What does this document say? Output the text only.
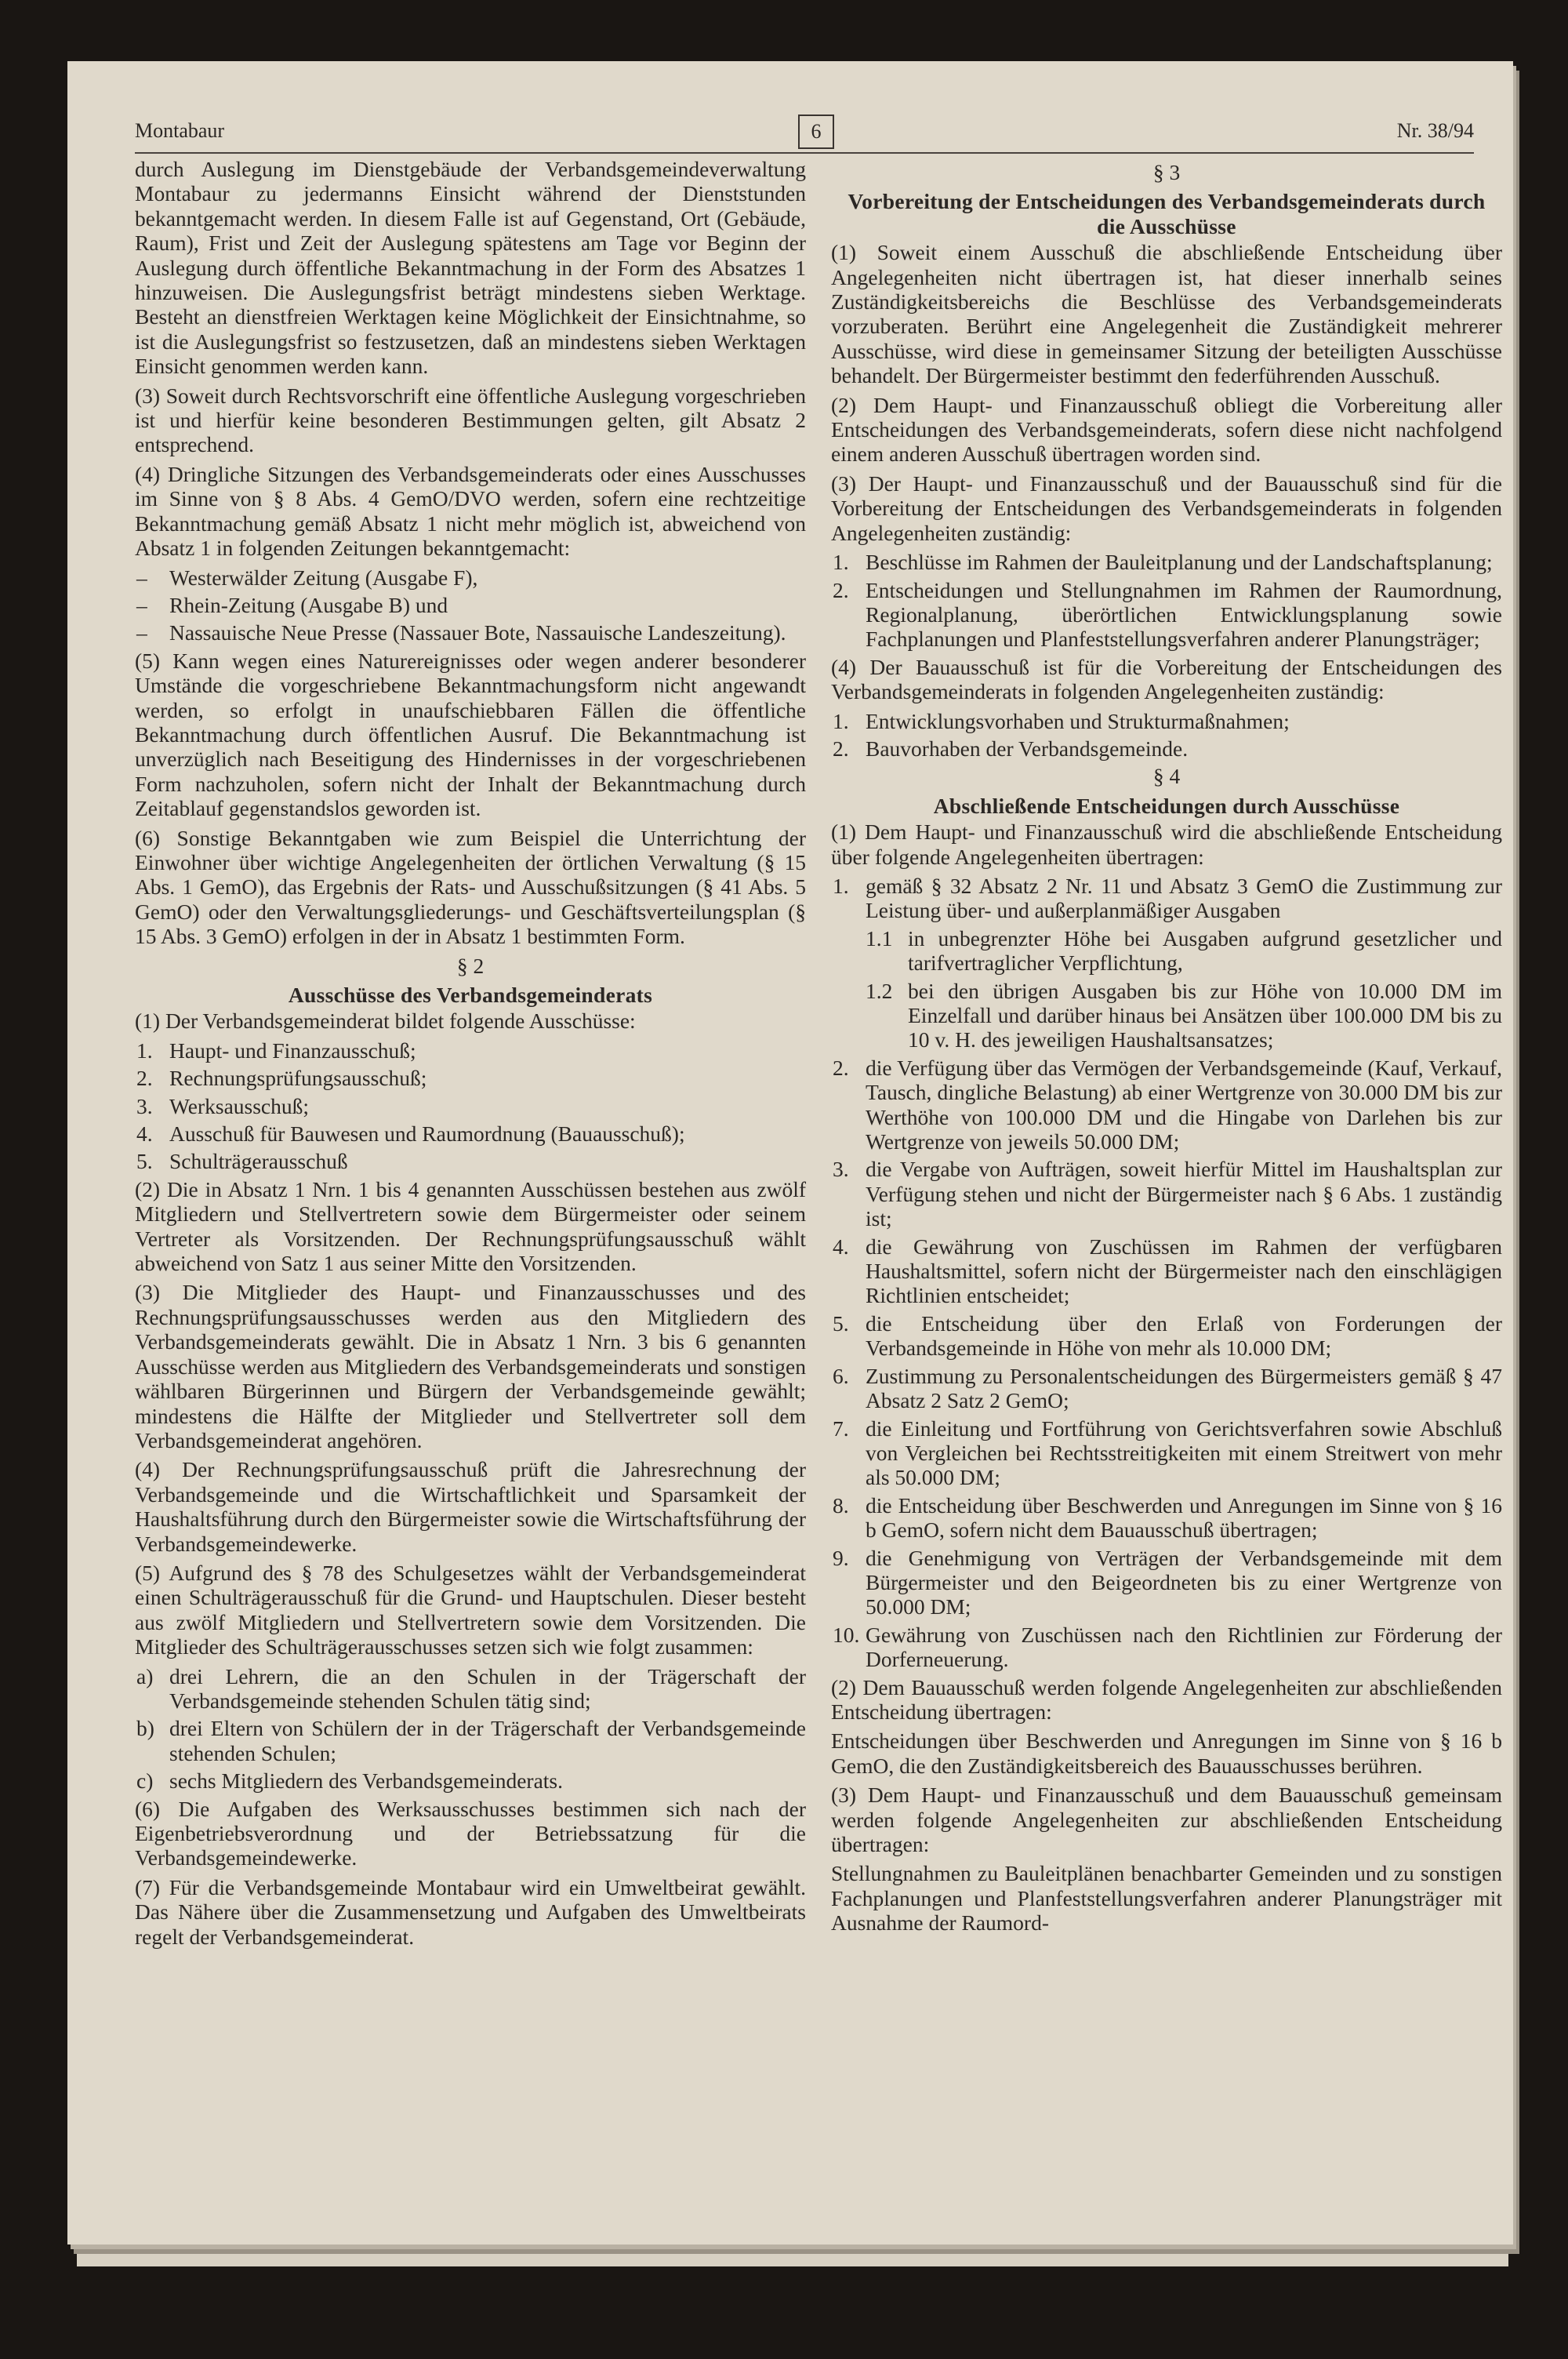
Montabaur	6	Nr. 38/94

durch Auslegung im Dienstgebäude der Verbandsgemeindeverwaltung Montabaur zu jedermanns Einsicht während der Dienststunden bekanntgemacht werden. In diesem Falle ist auf Gegenstand, Ort (Gebäude, Raum), Frist und Zeit der Auslegung spätestens am Tage vor Beginn der Auslegung durch öffentliche Bekanntmachung in der Form des Absatzes 1 hinzuweisen. Die Auslegungsfrist beträgt mindestens sieben Werktage. Besteht an dienstfreien Werktagen keine Möglichkeit der Einsichtnahme, so ist die Auslegungsfrist so festzusetzen, daß an mindestens sieben Werktagen Einsicht genommen werden kann.

(3) Soweit durch Rechtsvorschrift eine öffentliche Auslegung vorgeschrieben ist und hierfür keine besonderen Bestimmungen gelten, gilt Absatz 2 entsprechend.

(4) Dringliche Sitzungen des Verbandsgemeinderats oder eines Ausschusses im Sinne von § 8 Abs. 4 GemO/DVO werden, sofern eine rechtzeitige Bekanntmachung gemäß Absatz 1 nicht mehr möglich ist, abweichend von Absatz 1 in folgenden Zeitungen bekanntgemacht:

– Westerwälder Zeitung (Ausgabe F),
– Rhein-Zeitung (Ausgabe B) und
– Nassauische Neue Presse (Nassauer Bote, Nassauische Landeszeitung).

(5) Kann wegen eines Naturereignisses oder wegen anderer besonderer Umstände die vorgeschriebene Bekanntmachungsform nicht angewandt werden, so erfolgt in unaufschiebbaren Fällen die öffentliche Bekanntmachung durch öffentlichen Ausruf. Die Bekanntmachung ist unverzüglich nach Beseitigung des Hindernisses in der vorgeschriebenen Form nachzuholen, sofern nicht der Inhalt der Bekanntmachung durch Zeitablauf gegenstandslos geworden ist.

(6) Sonstige Bekanntgaben wie zum Beispiel die Unterrichtung der Einwohner über wichtige Angelegenheiten der örtlichen Verwaltung (§ 15 Abs. 1 GemO), das Ergebnis der Rats- und Ausschußsitzungen (§ 41 Abs. 5 GemO) oder den Verwaltungsgliederungs- und Geschäftsverteilungsplan (§ 15 Abs. 3 GemO) erfolgen in der in Absatz 1 bestimmten Form.

§ 2
Ausschüsse des Verbandsgemeinderats

(1) Der Verbandsgemeinderat bildet folgende Ausschüsse:

1. Haupt- und Finanzausschuß;
2. Rechnungsprüfungsausschuß;
3. Werksausschuß;
4. Ausschuß für Bauwesen und Raumordnung (Bauausschuß);
5. Schulträgerausschuß

(2) Die in Absatz 1 Nrn. 1 bis 4 genannten Ausschüssen bestehen aus zwölf Mitgliedern und Stellvertretern sowie dem Bürgermeister oder seinem Vertreter als Vorsitzenden. Der Rechnungsprüfungsausschuß wählt abweichend von Satz 1 aus seiner Mitte den Vorsitzenden.

(3) Die Mitglieder des Haupt- und Finanzausschusses und des Rechnungsprüfungsausschusses werden aus den Mitgliedern des Verbandsgemeinderats gewählt. Die in Absatz 1 Nrn. 3 bis 6 genannten Ausschüsse werden aus Mitgliedern des Verbandsgemeinderats und sonstigen wählbaren Bürgerinnen und Bürgern der Verbandsgemeinde gewählt; mindestens die Hälfte der Mitglieder und Stellvertreter soll dem Verbandsgemeinderat angehören.

(4) Der Rechnungsprüfungsausschuß prüft die Jahresrechnung der Verbandsgemeinde und die Wirtschaftlichkeit und Sparsamkeit der Haushaltsführung durch den Bürgermeister sowie die Wirtschaftsführung der Verbandsgemeindewerke.

(5) Aufgrund des § 78 des Schulgesetzes wählt der Verbandsgemeinderat einen Schulträgerausschuß für die Grund- und Hauptschulen. Dieser besteht aus zwölf Mitgliedern und Stellvertretern sowie dem Vorsitzenden. Die Mitglieder des Schulträgerausschusses setzen sich wie folgt zusammen:

a) drei Lehrern, die an den Schulen in der Trägerschaft der Verbandsgemeinde stehenden Schulen tätig sind;
b) drei Eltern von Schülern der in der Trägerschaft der Verbandsgemeinde stehenden Schulen;
c) sechs Mitgliedern des Verbandsgemeinderats.

(6) Die Aufgaben des Werksausschusses bestimmen sich nach der Eigenbetriebsverordnung und der Betriebssatzung für die Verbandsgemeindewerke.

(7) Für die Verbandsgemeinde Montabaur wird ein Umweltbeirat gewählt. Das Nähere über die Zusammensetzung und Aufgaben des Umweltbeirats regelt der Verbandsgemeinderat.

§ 3
Vorbereitung der Entscheidungen des Verbandsgemeinderats durch die Ausschüsse

(1) Soweit einem Ausschuß die abschließende Entscheidung über Angelegenheiten nicht übertragen ist, hat dieser innerhalb seines Zuständigkeitsbereichs die Beschlüsse des Verbandsgemeinderats vorzuberaten. Berührt eine Angelegenheit die Zuständigkeit mehrerer Ausschüsse, wird diese in gemeinsamer Sitzung der beteiligten Ausschüsse behandelt. Der Bürgermeister bestimmt den federführenden Ausschuß.

(2) Dem Haupt- und Finanzausschuß obliegt die Vorbereitung aller Entscheidungen des Verbandsgemeinderats, sofern diese nicht nachfolgend einem anderen Ausschuß übertragen worden sind.

(3) Der Haupt- und Finanzausschuß und der Bauausschuß sind für die Vorbereitung der Entscheidungen des Verbandsgemeinderats in folgenden Angelegenheiten zuständig:

1. Beschlüsse im Rahmen der Bauleitplanung und der Landschaftsplanung;
2. Entscheidungen und Stellungnahmen im Rahmen der Raumordnung, Regionalplanung, überörtlichen Entwicklungsplanung sowie Fachplanungen und Planfeststellungsverfahren anderer Planungsträger;

(4) Der Bauausschuß ist für die Vorbereitung der Entscheidungen des Verbandsgemeinderats in folgenden Angelegenheiten zuständig:

1. Entwicklungsvorhaben und Strukturmaßnahmen;
2. Bauvorhaben der Verbandsgemeinde.
§ 4
Abschließende Entscheidungen durch Ausschüsse

(1) Dem Haupt- und Finanzausschuß wird die abschließende Entscheidung über folgende Angelegenheiten übertragen:

1. gemäß § 32 Absatz 2 Nr. 11 und Absatz 3 GemO die Zustimmung zur Leistung über- und außerplanmäßiger Ausgaben
1.1 in unbegrenzter Höhe bei Ausgaben aufgrund gesetzlicher und tarifvertraglicher Verpflichtung,
1.2 bei den übrigen Ausgaben bis zur Höhe von 10.000 DM im Einzelfall und darüber hinaus bei Ansätzen über 100.000 DM bis zu 10 v. H. des jeweiligen Haushaltsansatzes;
2. die Verfügung über das Vermögen der Verbandsgemeinde (Kauf, Verkauf, Tausch, dingliche Belastung) ab einer Wertgrenze von 30.000 DM bis zur Werthöhe von 100.000 DM und die Hingabe von Darlehen bis zur Wertgrenze von jeweils 50.000 DM;
3. die Vergabe von Aufträgen, soweit hierfür Mittel im Haushaltsplan zur Verfügung stehen und nicht der Bürgermeister nach § 6 Abs. 1 zuständig ist;
4. die Gewährung von Zuschüssen im Rahmen der verfügbaren Haushaltsmittel, sofern nicht der Bürgermeister nach den einschlägigen Richtlinien entscheidet;
5. die Entscheidung über den Erlaß von Forderungen der Verbandsgemeinde in Höhe von mehr als 10.000 DM;
6. Zustimmung zu Personalentscheidungen des Bürgermeisters gemäß § 47 Absatz 2 Satz 2 GemO;
7. die Einleitung und Fortführung von Gerichtsverfahren sowie Abschluß von Vergleichen bei Rechtsstreitigkeiten mit einem Streitwert von mehr als 50.000 DM;
8. die Entscheidung über Beschwerden und Anregungen im Sinne von § 16 b GemO, sofern nicht dem Bauausschuß übertragen;
9. die Genehmigung von Verträgen der Verbandsgemeinde mit dem Bürgermeister und den Beigeordneten bis zu einer Wertgrenze von 50.000 DM;
10. Gewährung von Zuschüssen nach den Richtlinien zur Förderung der Dorferneuerung.

(2) Dem Bauausschuß werden folgende Angelegenheiten zur abschließenden Entscheidung übertragen:

Entscheidungen über Beschwerden und Anregungen im Sinne von § 16 b GemO, die den Zuständigkeitsbereich des Bauausschusses berühren.

(3) Dem Haupt- und Finanzausschuß und dem Bauausschuß gemeinsam werden folgende Angelegenheiten zur abschließenden Entscheidung übertragen:

Stellungnahmen zu Bauleitplänen benachbarter Gemeinden und zu sonstigen Fachplanungen und Planfeststellungsverfahren anderer Planungsträger mit Ausnahme der Raumord-
